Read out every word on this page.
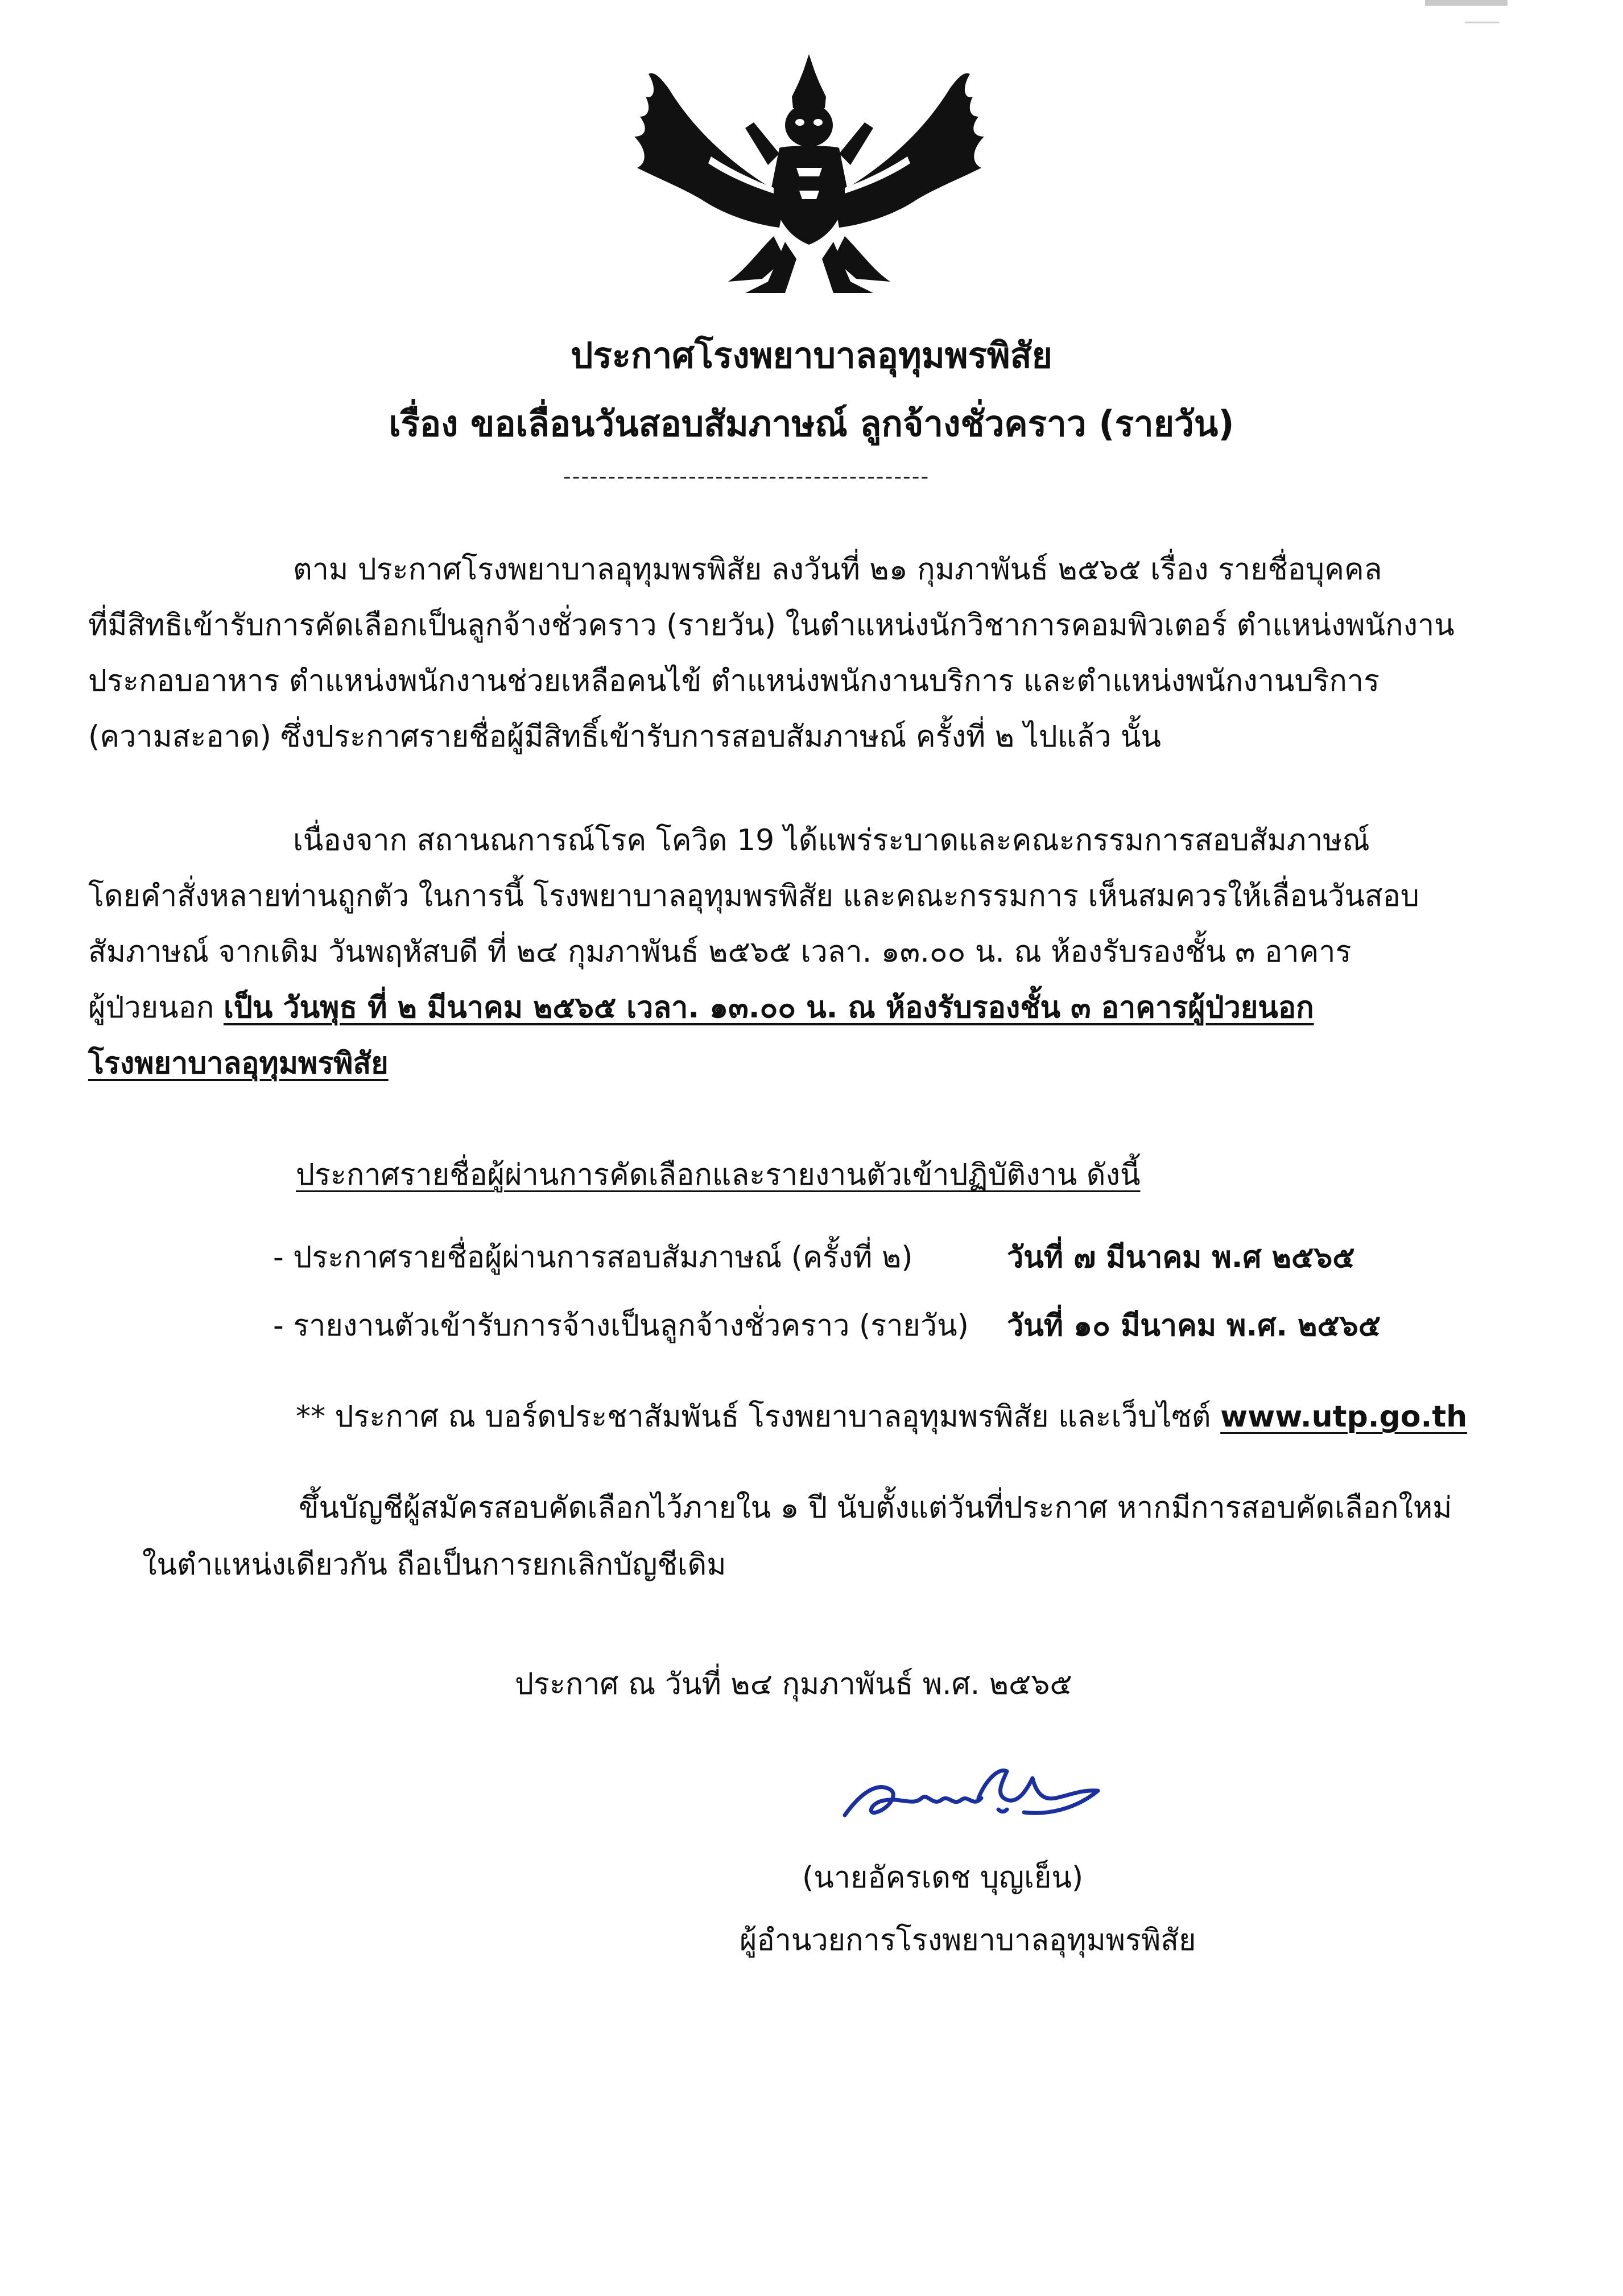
ประกาศโรงพยาบาลอุทุมพรพิสัย
เรื่อง ขอเลื่อนวันสอบสัมภาษณ์ ลูกจ้างชั่วคราว (รายวัน)
-----------------------------------------

ตาม ประกาศโรงพยาบาลอุทุมพรพิสัย ลงวันที่ ๒๑ กุมภาพันธ์ ๒๕๖๕ เรื่อง รายชื่อบุคคล

ที่มีสิทธิเข้ารับการคัดเลือกเป็นลูกจ้างชั่วคราว (รายวัน) ในตำแหน่งนักวิชาการคอมพิวเตอร์ ตำแหน่งพนักงาน

ประกอบอาหาร ตำแหน่งพนักงานช่วยเหลือคนไข้ ตำแหน่งพนักงานบริการ และตำแหน่งพนักงานบริการ

(ความสะอาด) ซึ่งประกาศรายชื่อผู้มีสิทธิ์เข้ารับการสอบสัมภาษณ์ ครั้งที่ ๒ ไปแล้ว นั้น

เนื่องจาก สถานณการณ์โรค โควิด 19 ได้แพร่ระบาดและคณะกรรมการสอบสัมภาษณ์

โดยคำสั่งหลายท่านถูกตัว ในการนี้ โรงพยาบาลอุทุมพรพิสัย และคณะกรรมการ เห็นสมควรให้เลื่อนวันสอบ

สัมภาษณ์ จากเดิม วันพฤหัสบดี ที่ ๒๔ กุมภาพันธ์ ๒๕๖๕ เวลา. ๑๓.๐๐ น. ณ ห้องรับรองชั้น ๓ อาคาร

ผู้ป่วยนอก เป็น วันพุธ ที่ ๒ มีนาคม ๒๕๖๕ เวลา. ๑๓.๐๐ น. ณ ห้องรับรองชั้น ๓ อาคารผู้ป่วยนอก

โรงพยาบาลอุทุมพรพิสัย

ประกาศรายชื่อผู้ผ่านการคัดเลือกและรายงานตัวเข้าปฏิบัติงาน ดังนี้
- ประกาศรายชื่อผู้ผ่านการสอบสัมภาษณ์ (ครั้งที่ ๒)	วันที่ ๗ มีนาคม พ.ศ ๒๕๖๕
- รายงานตัวเข้ารับการจ้างเป็นลูกจ้างชั่วคราว (รายวัน) วันที่ ๑๐ มีนาคม พ.ศ. ๒๕๖๕
** ประกาศ ณ บอร์ดประชาสัมพันธ์ โรงพยาบาลอุทุมพรพิสัย และเว็บไซต์ www.utp.go.th

ขึ้นบัญชีผู้สมัครสอบคัดเลือกไว้ภายใน ๑ ปี นับตั้งแต่วันที่ประกาศ หากมีการสอบคัดเลือกใหม่

ในตำแหน่งเดียวกัน ถือเป็นการยกเลิกบัญชีเดิม

ประกาศ ณ วันที่ ๒๔ กุมภาพันธ์ พ.ศ. ๒๕๖๕
(นายอัครเดช บุญเย็น)
ผู้อำนวยการโรงพยาบาลอุทุมพรพิสัย
